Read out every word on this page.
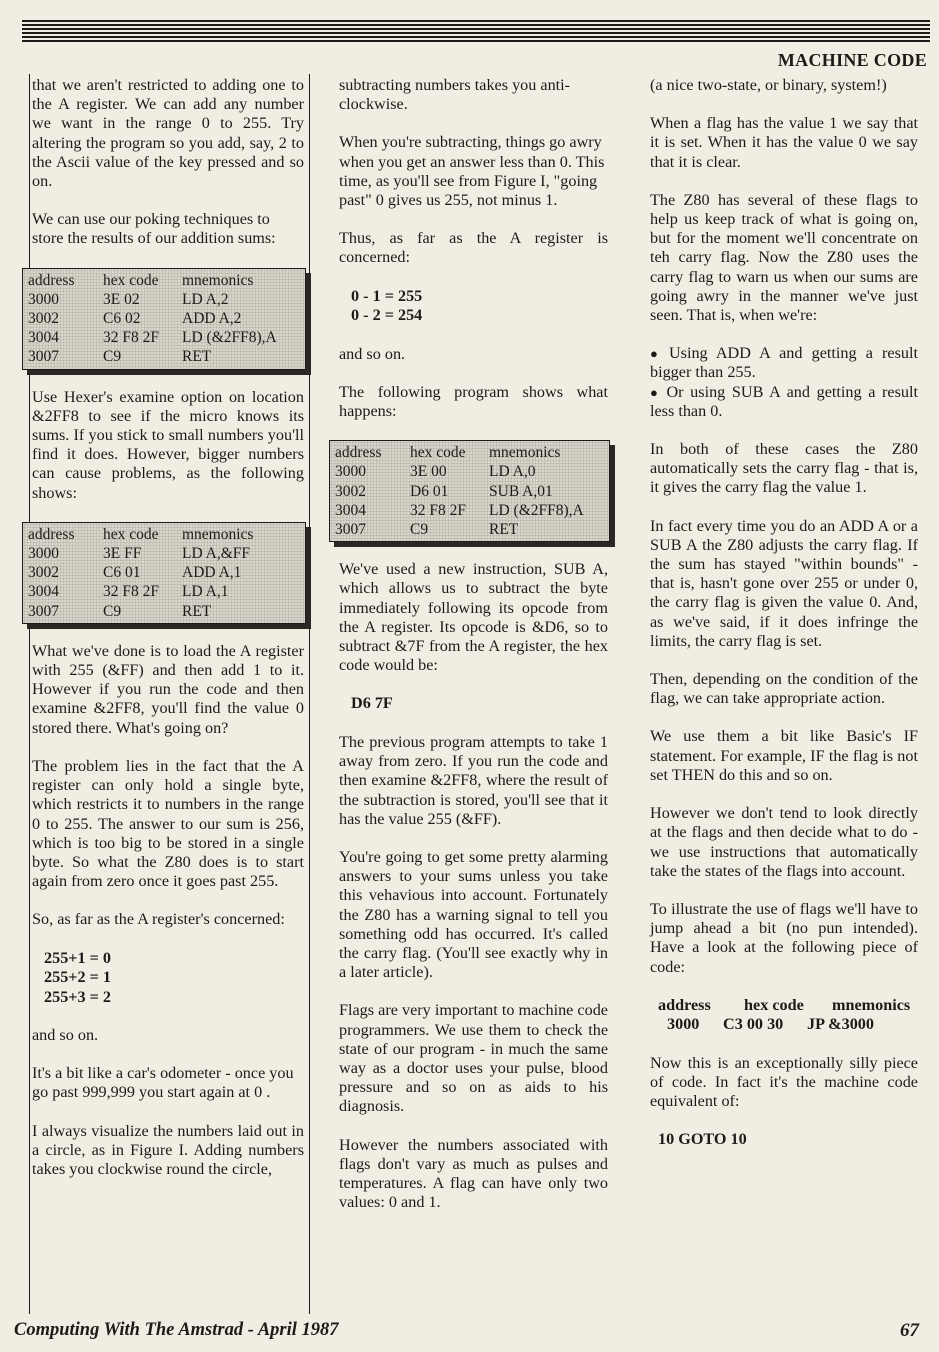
MACHINE CODE

that we aren't restricted to adding one to the A register. We can add any number we want in the range 0 to 255. Try altering the program so you add, say, 2 to the Ascii value of the key pressed and so on.

We can use our poking techniques to store the results of our addition sums:

address	hex code	mnemonics
3000	3E 02	LD A,2
3002	C6 02	ADD A,2
3004	32 F8 2F	LD (&2FF8),A
3007	C9	RET

Use Hexer's examine option on location &2FF8 to see if the micro knows its sums. If you stick to small numbers you'll find it does. However, bigger numbers can cause problems, as the following shows:

address	hex code	mnemonics
3000	3E FF	LD A,&FF
3002	C6 01	ADD A,1
3004	32 F8 2F	LD A,1
3007	C9	RET

What we've done is to load the A register with 255 (&FF) and then add 1 to it. However if you run the code and then examine &2FF8, you'll find the value 0 stored there. What's going on?

The problem lies in the fact that the A register can only hold a single byte, which restricts it to numbers in the range 0 to 255. The answer to our sum is 256, which is too big to be stored in a single byte. So what the Z80 does is to start again from zero once it goes past 255.

So, as far as the A register's concerned:

255+1 = 0
255+2 = 1
255+3 = 2

and so on.

It's a bit like a car's odometer - once you go past 999,999 you start again at 0 .

I always visualize the numbers laid out in a circle, as in Figure I. Adding numbers takes you clockwise round the circle,

subtracting numbers takes you anti-clockwise.

When you're subtracting, things go awry when you get an answer less than 0. This time, as you'll see from Figure I, "going past" 0 gives us 255, not minus 1.

Thus, as far as the A register is concerned:

0 - 1 = 255
0 - 2 = 254

and so on.

The following program shows what happens:

address	hex code	mnemonics
3000	3E 00	LD A,0
3002	D6 01	SUB A,01
3004	32 F8 2F	LD (&2FF8),A
3007	C9	RET

We've used a new instruction, SUB A, which allows us to subtract the byte immediately following its opcode from the A register. Its opcode is &D6, so to subtract &7F from the A register, the hex code would be:

D6 7F

The previous program attempts to take 1 away from zero. If you run the code and then examine &2FF8, where the result of the subtraction is stored, you'll see that it has the value 255 (&FF).

You're going to get some pretty alarming answers to your sums unless you take this vehavious into account. Fortunately the Z80 has a warning signal to tell you something odd has occurred. It's called the carry flag. (You'll see exactly why in a later article).

Flags are very important to machine code programmers. We use them to check the state of our program - in much the same way as a doctor uses your pulse, blood pressure and so on as aids to his diagnosis.

However the numbers associated with flags don't vary as much as pulses and temperatures. A flag can have only two values: 0 and 1.

(a nice two-state, or binary, system!)

When a flag has the value 1 we say that it is set. When it has the value 0 we say that it is clear.

The Z80 has several of these flags to help us keep track of what is going on, but for the moment we'll concentrate on teh carry flag. Now the Z80 uses the carry flag to warn us when our sums are going awry in the manner we've just seen. That is, when we're:

● Using ADD A and getting a result bigger than 255.

● Or using SUB A and getting a result less than 0.

In both of these cases the Z80 automatically sets the carry flag - that is, it gives the carry flag the value 1.

In fact every time you do an ADD A or a SUB A the Z80 adjusts the carry flag. If the sum has stayed "within bounds" - that is, hasn't gone over 255 or under 0, the carry flag is given the value 0. And, as we've said, if it does infringe the limits, the carry flag is set.

Then, depending on the condition of the flag, we can take appropriate action.

We use them a bit like Basic's IF statement. For example, IF the flag is not set THEN do this and so on.

However we don't tend to look directly at the flags and then decide what to do - we use instructions that automatically take the states of the flags into account.

To illustrate the use of flags we'll have to jump ahead a bit (no pun intended). Have a look at the following piece of code:

address	hex code	mnemonics
3000	C3 00 30	JP &3000

Now this is an exceptionally silly piece of code. In fact it's the machine code equivalent of:

10 GOTO 10
Computing With The Amstrad - April 1987	67
